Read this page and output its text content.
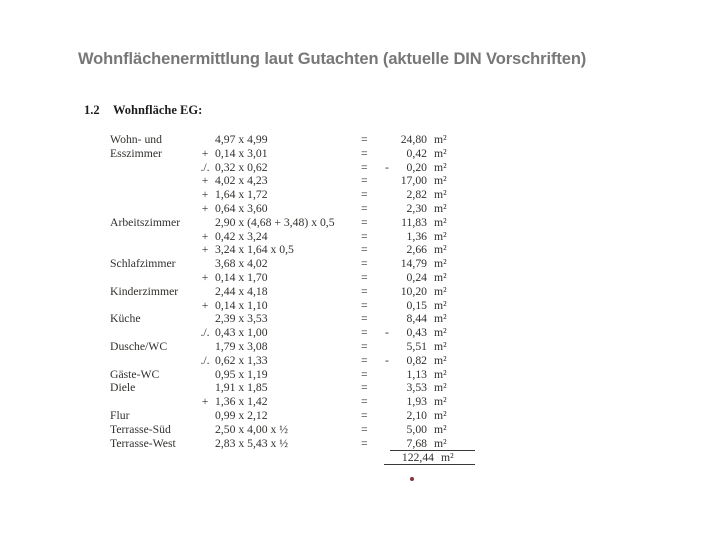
Wohnflächenermittlung laut Gutachten (aktuelle DIN Vorschriften)
1.2 Wohnfläche EG:
Wohn- und	4,97 x 4,99	=	24,80 m²
Esszimmer	+ 0,14 x 3,01	=	0,42 m²
./. 0,32 x 0,62	=	-	0,20 m²
+ 4,02 x 4,23	=	17,00 m²
+ 1,64 x 1,72	=	2,82 m²
+ 0,64 x 3,60	=	2,30 m²
Arbeitszimmer	2,90 x (4,68 + 3,48) x 0,5	=	11,83 m²
+ 0,42 x 3,24	=	1,36 m²
+ 3,24 x 1,64 x 0,5	=	2,66 m²
Schlafzimmer	3,68 x 4,02	=	14,79 m²
+ 0,14 x 1,70	=	0,24 m²
Kinderzimmer	2,44 x 4,18	=	10,20 m²
+ 0,14 x 1,10	=	0,15 m²
Küche	2,39 x 3,53	=	8,44 m²
./. 0,43 x 1,00	=	-	0,43 m²
Dusche/WC	1,79 x 3,08	=	5,51 m²
./. 0,62 x 1,33	=	-	0,82 m²
Gäste-WC	0,95 x 1,19	=	1,13 m²
Diele	1,91 x 1,85	=	3,53 m²
+ 1,36 x 1,42	=	1,93 m²
Flur	0,99 x 2,12	=	2,10 m²
Terrasse-Süd	2,50 x 4,00 x ½	=	5,00 m²
Terrasse-West	2,83 x 5,43 x ½	=	7,68 m²
122,44 m²
